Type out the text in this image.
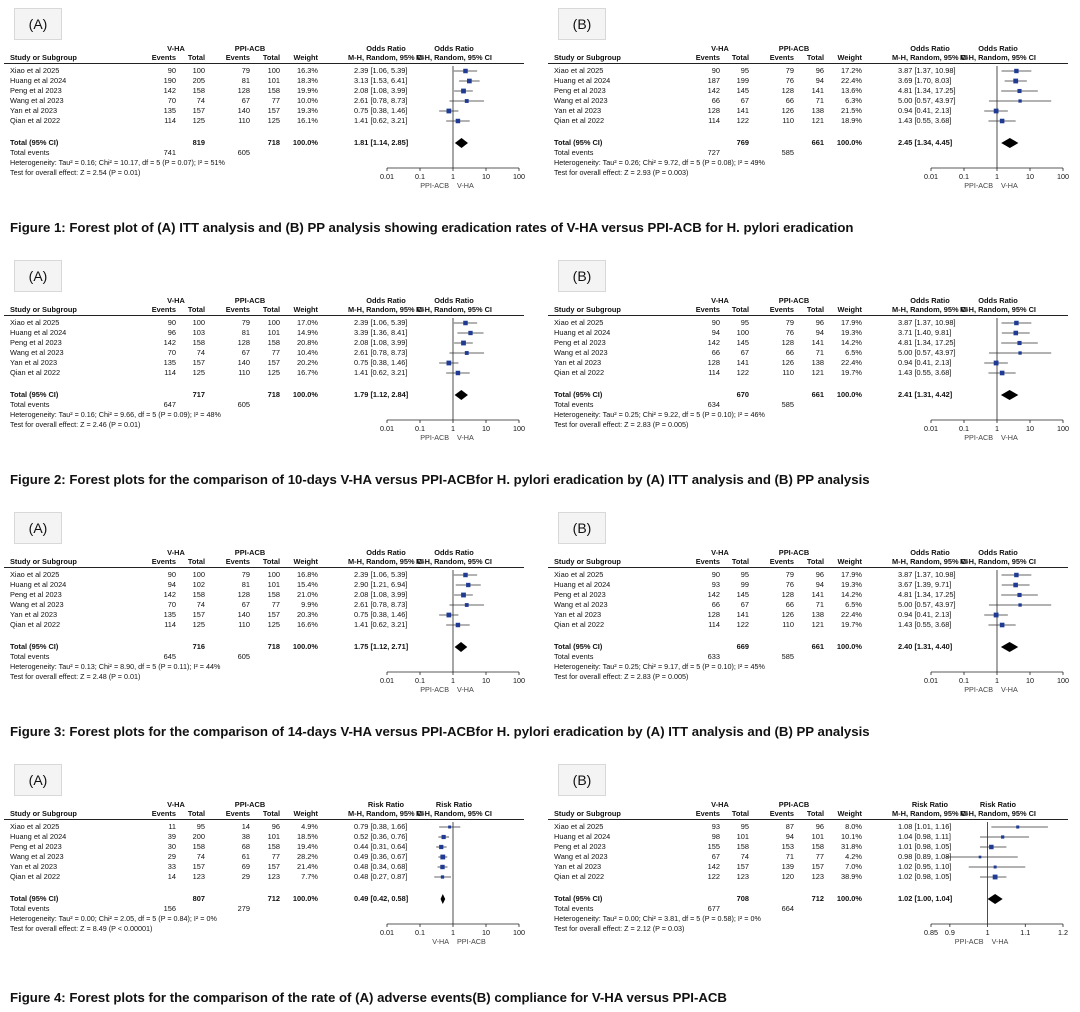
Figure 1: Forest plot of (A) ITT analysis and (B) PP analysis showing eradication rates of V-HA versus PPI-ACB for H. pylori eradication
Figure 2: Forest plots for the comparison of 10-days V-HA versus PPI-ACBfor H. pylori eradication by (A) ITT analysis and (B) PP analysis
Figure 3: Forest plots for the comparison of 14-days V-HA versus PPI-ACBfor H. pylori eradication by (A) ITT analysis and (B) PP analysis
Figure 4: Forest plots for the comparison of the rate of (A) adverse events(B) compliance for V-HA versus PPI-ACB
(A)
V-HA	PPI-ACB	Odds Ratio	Odds Ratio
Study or Subgroup	Events Total	Events Total Weight	M-H, Random, 95% CI
M-H, Random, 95% CI
Xiao et al 2025	90 100	79 100 16.3%	2.39 [1.06, 5.39]
Huang et al 2024	190 205	81 101 18.3%	3.13 [1.53, 6.41]
Peng et al 2023	142 158	128 158 19.9%	2.08 [1.08, 3.99]
Wang et al 2023	70	74	67	77 10.0%	2.61 [0.78, 8.73]
Yan et al 2023	135 157	140 157 19.3%	0.75 [0.38, 1.46]
Qian et al 2022	114 125	110 125 16.1%	1.41 [0.62, 3.21]
Total (95% CI)	819	718 100.0%	1.81 [1.14, 2.85]
Total events	741	605
Heterogeneity: Tau² = 0.16; Chi² = 10.17, df = 5 (P = 0.07); I² = 51%
Test for overall effect: Z = 2.54 (P = 0.01)	0.01	0.1	1	10	100
PPI-ACB V-HA
(B)
V-HA	PPI-ACB	Odds Ratio	Odds Ratio
Study or Subgroup	Events Total	Events Total Weight	M-H, Random, 95% CI
M-H, Random, 95% CI
Xiao et al 2025	90	95	79	96 17.2%	3.87 [1.37, 10.98]
Huang et al 2024	187 199	76	94 22.4%	3.69 [1.70, 8.03]
Peng et al 2023	142 145	128 141 13.6%	4.81 [1.34, 17.25]
Wang et al 2023	66	67	66	71	6.3%	5.00 [0.57, 43.97]
Yan et al 2023	128 141	126 138 21.5%	0.94 [0.41, 2.13]
Qian et al 2022	114 122	110 121 18.9%	1.43 [0.55, 3.68]
Total (95% CI)	769	661 100.0%	2.45 [1.34, 4.45]
Total events	727	585
Heterogeneity: Tau² = 0.26; Chi² = 9.72, df = 5 (P = 0.08); I² = 49%
Test for overall effect: Z = 2.93 (P = 0.003)	0.01	0.1	1	10	100
PPI-ACB V-HA
(A)
V-HA	PPI-ACB	Odds Ratio	Odds Ratio
Study or Subgroup	Events Total	Events Total Weight	M-H, Random, 95% CI
M-H, Random, 95% CI
Xiao et al 2025	90 100	79 100 17.0%	2.39 [1.06, 5.39]
Huang et al 2024	96 103	81 101 14.9%	3.39 [1.36, 8.41]
Peng et al 2023	142 158	128 158 20.8%	2.08 [1.08, 3.99]
Wang et al 2023	70	74	67	77 10.4%	2.61 [0.78, 8.73]
Yan et al 2023	135 157	140 157 20.2%	0.75 [0.38, 1.46]
Qian et al 2022	114 125	110 125 16.7%	1.41 [0.62, 3.21]
Total (95% CI)	717	718 100.0%	1.79 [1.12, 2.84]
Total events	647	605
Heterogeneity: Tau² = 0.16; Chi² = 9.66, df = 5 (P = 0.09); I² = 48%
Test for overall effect: Z = 2.46 (P = 0.01)	0.01	0.1	1	10	100
PPI-ACB V-HA
(B)
V-HA	PPI-ACB	Odds Ratio	Odds Ratio
Study or Subgroup	Events Total	Events Total Weight	M-H, Random, 95% CI
M-H, Random, 95% CI
Xiao et al 2025	90	95	79	96 17.9%	3.87 [1.37, 10.98]
Huang et al 2024	94 100	76	94 19.3%	3.71 [1.40, 9.81]
Peng et al 2023	142 145	128 141 14.2%	4.81 [1.34, 17.25]
Wang et al 2023	66	67	66	71	6.5%	5.00 [0.57, 43.97]
Yan et al 2023	128 141	126 138 22.4%	0.94 [0.41, 2.13]
Qian et al 2022	114 122	110 121 19.7%	1.43 [0.55, 3.68]
Total (95% CI)	670	661 100.0%	2.41 [1.31, 4.42]
Total events	634	585
Heterogeneity: Tau² = 0.25; Chi² = 9.22, df = 5 (P = 0.10); I² = 46%
Test for overall effect: Z = 2.83 (P = 0.005)	0.01	0.1	1	10	100
PPI-ACB V-HA
(A)
V-HA	PPI-ACB	Odds Ratio	Odds Ratio
Study or Subgroup	Events Total	Events Total Weight	M-H, Random, 95% CI
M-H, Random, 95% CI
Xiao et al 2025	90 100	79 100 16.8%	2.39 [1.06, 5.39]
Huang et al 2024	94 102	81 101 15.4%	2.90 [1.21, 6.94]
Peng et al 2023	142 158	128 158 21.0%	2.08 [1.08, 3.99]
Wang et al 2023	70	74	67	77	9.9%	2.61 [0.78, 8.73]
Yan et al 2023	135 157	140 157 20.3%	0.75 [0.38, 1.46]
Qian et al 2022	114 125	110 125 16.6%	1.41 [0.62, 3.21]
Total (95% CI)	716	718 100.0%	1.75 [1.12, 2.71]
Total events	645	605
Heterogeneity: Tau² = 0.13; Chi² = 8.90, df = 5 (P = 0.11); I² = 44%
Test for overall effect: Z = 2.48 (P = 0.01)	0.01	0.1	1	10	100
PPI-ACB V-HA
(B)
V-HA	PPI-ACB	Odds Ratio	Odds Ratio
Study or Subgroup	Events Total	Events Total Weight	M-H, Random, 95% CI
M-H, Random, 95% CI
Xiao et al 2025	90	95	79	96 17.9%	3.87 [1.37, 10.98]
Huang et al 2024	93	99	76	94 19.3%	3.67 [1.39, 9.71]
Peng et al 2023	142 145	128 141 14.2%	4.81 [1.34, 17.25]
Wang et al 2023	66	67	66	71	6.5%	5.00 [0.57, 43.97]
Yan et al 2023	128 141	126 138 22.4%	0.94 [0.41, 2.13]
Qian et al 2022	114 122	110 121 19.7%	1.43 [0.55, 3.68]
Total (95% CI)	669	661 100.0%	2.40 [1.31, 4.40]
Total events	633	585
Heterogeneity: Tau² = 0.25; Chi² = 9.17, df = 5 (P = 0.10); I² = 45%
Test for overall effect: Z = 2.83 (P = 0.005)	0.01	0.1	1	10	100
PPI-ACB V-HA
(A)
V-HA	PPI-ACB	Risk Ratio	Risk Ratio
Study or Subgroup	Events Total	Events Total Weight	M-H, Random, 95% CI
M-H, Random, 95% CI
Xiao et al 2025	11	95	14	96	4.9%	0.79 [0.38, 1.66]
Huang et al 2024	39 200	38 101 18.5%	0.52 [0.36, 0.76]
Peng et al 2023	30 158	68 158 19.4%	0.44 [0.31, 0.64]
Wang et al 2023	29	74	61	77 28.2%	0.49 [0.36, 0.67]
Yan et al 2023	33 157	69 157 21.4%	0.48 [0.34, 0.68]
Qian et al 2022	14 123	29 123	7.7%	0.48 [0.27, 0.87]
Total (95% CI)	807	712 100.0%	0.49 [0.42, 0.58]
Total events	156	279
Heterogeneity: Tau² = 0.00; Chi² = 2.05, df = 5 (P = 0.84); I² = 0%
Test for overall effect: Z = 8.49 (P < 0.00001)	0.01	0.1	1	10	100
V-HA PPI-ACB
(B)
V-HA	PPI-ACB	Risk Ratio	Risk Ratio
Study or Subgroup	Events Total	Events Total Weight	M-H, Random, 95% CI
M-H, Random, 95% CI
Xiao et al 2025	93	95	87	96	8.0%	1.08 [1.01, 1.16]
Huang et al 2024	98 101	94 101 10.1%	1.04 [0.98, 1.11]
Peng et al 2023	155 158	153 158 31.8%	1.01 [0.98, 1.05]
Wang et al 2023	67	74	71	77	4.2%	0.98 [0.89, 1.08]
Yan et al 2023	142 157	139 157	7.0%	1.02 [0.95, 1.10]
Qian et al 2022	122 123	120 123 38.9%	1.02 [0.98, 1.05]
Total (95% CI)	708	712 100.0%	1.02 [1.00, 1.04]
Total events	677	664
Heterogeneity: Tau² = 0.00; Chi² = 3.81, df = 5 (P = 0.58); I² = 0%
Test for overall effect: Z = 2.12 (P = 0.03)	0.85 0.9	1	1.1	1.2
PPI-ACB V-HA
